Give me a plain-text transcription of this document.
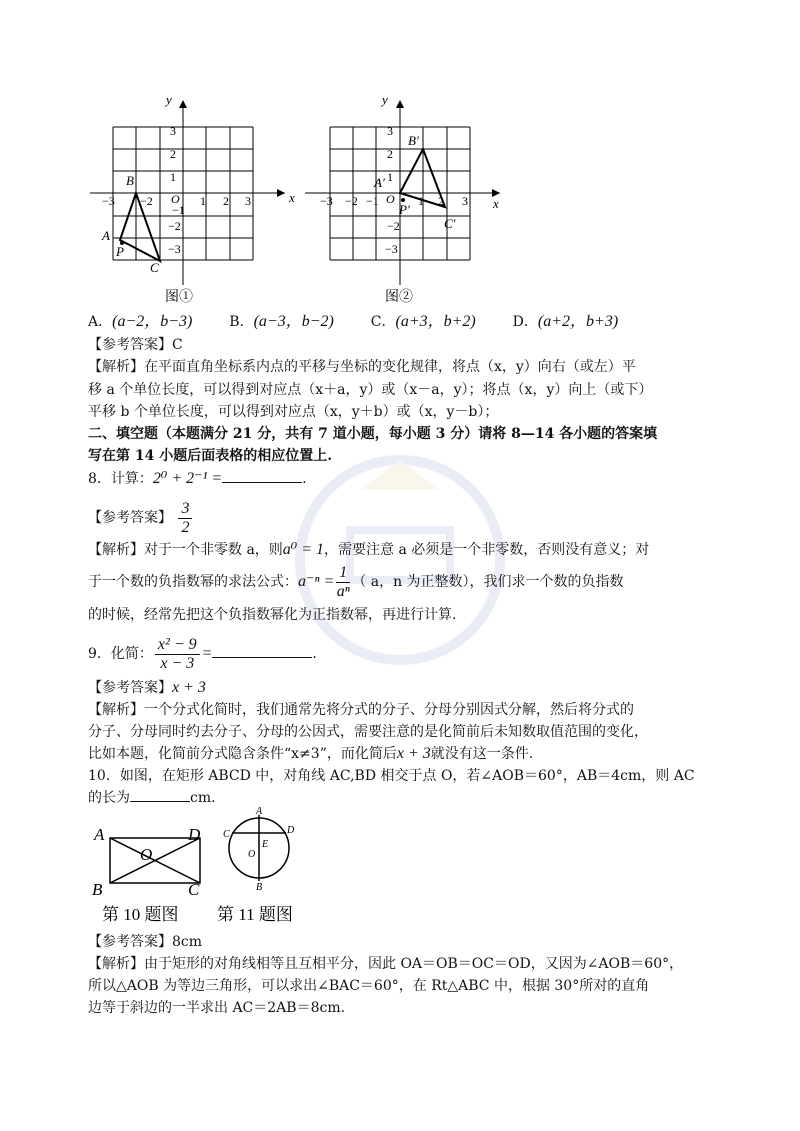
x
y
−3 −2
−1
1 2 3
3
2
1
−2
−3
O
B
A
P
C
图①
x
y
−3 −2 −1	1 2 3
3
2
1
−2
−3
O
B′
A′
P′
C′
图②
A．(a−2，b−3)	B．(a−3，b−2)	C．(a+3，b+2)	D．(a+2，b+3)
【参考答案】C
【解析】在平面直角坐标系内点的平移与坐标的变化规律，将点（x，y）向右（或左）平
移 a 个单位长度，可以得到对应点（x＋a，y）或（x－a，y）；将点（x，y）向上（或下）
平移 b 个单位长度，可以得到对应点（x，y＋b）或（x，y－b）；
二、填空题（本题满分 21 分，共有 7 道小题，每小题 3 分）请将 8—14 各小题的答案填
写在第 14 小题后面表格的相应位置上.
8．计算：2⁰ + 2⁻¹ =	.
【参考答案】 $\frac{3}{2}$
【解析】对于一个非零数 a，则a⁰ = 1，需要注意 a 必须是一个非零数，否则没有意义；对
于一个数的负指数幂的求法公式：$a^{-n} = \frac{1}{\text{aⁿ}}$ （ a，n 为正整数），我们求一个数的负指数
的时候，经常先把这个负指数幂化为正指数幂，再进行计算.
9．化简： $\frac{\text{x² − 9}}{x - 3}$ =	.
【参考答案】x + 3
【解析】一个分式化简时，我们通常先将分式的分子、分母分别因式分解，然后将分式的
分子、分母同时约去分子、分母的公因式，需要注意的是化简前后未知数取值范围的变化，
比如本题，化简前分式隐含条件“x≠3”，而化简后x + 3就没有这一条件.
10．如图，在矩形 ABCD 中，对角线 AC,BD 相交于点 O，若∠AOB＝60°，AB＝4cm，则 AC
的长为	cm.
A	D
O
B	C
第 10 题图
A
C	D
E
O
B
第 11 题图
【参考答案】8cm
【解析】由于矩形的对角线相等且互相平分，因此 OA＝OB＝OC＝OD，又因为∠AOB＝60°，
所以△AOB 为等边三角形，可以求出∠BAC＝60°，在 Rt△ABC 中，根据 30°所对的直角
边等于斜边的一半求出 AC＝2AB＝8cm.
